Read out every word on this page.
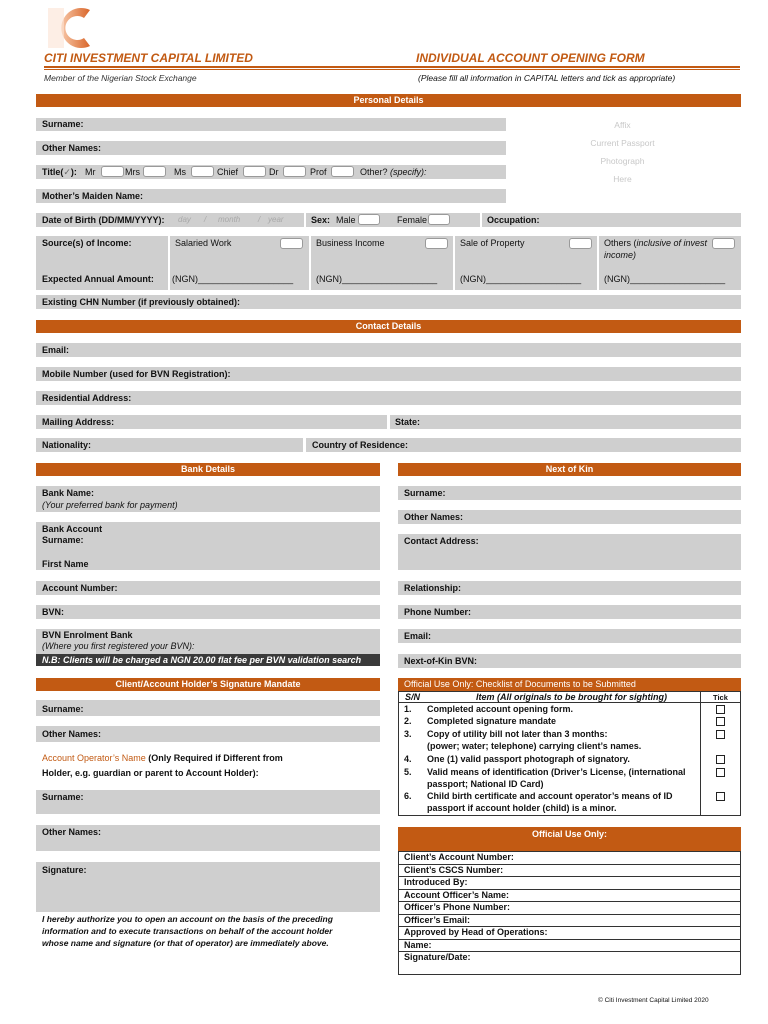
CITI INVESTMENT CAPITAL LIMITED
Member of the Nigerian Stock Exchange
INDIVIDUAL ACCOUNT OPENING FORM
(Please fill all information in CAPITAL letters and tick as appropriate)
Personal Details
Surname:
Other Names:
Title(✓): Mr	Mrs	Ms	Chief	Dr	Prof	Other? (specify):
Mother’s Maiden Name:
Affix
Current Passport
Photograph
Here
Date of Birth (DD/MM/YYYY): day / month / year	Sex: Male	Female	Occupation:
Source(s) of Income:	Salaried Work	Business Income	Sale of Property	Others (inclusive of invest
income)
Expected Annual Amount: (NGN)___________________	(NGN)___________________	(NGN)___________________	(NGN)___________________
Existing CHN Number (if previously obtained):
Contact Details
Email:
Mobile Number (used for BVN Registration):
Residential Address:
Mailing Address:	State:
Nationality:	Country of Residence:
Bank Details
Bank Name:
(Your preferred bank for payment)
Bank Account
Surname:
First Name
Account Number:
BVN:
BVN Enrolment Bank
(Where you first registered your BVN):
N.B: Clients will be charged a NGN 20.00 flat fee per BVN validation search
Next of Kin
Surname:
Other Names:
Contact Address:
Relationship:
Phone Number:
Email:
Next-of-Kin BVN:
Client/Account Holder’s Signature Mandate
Surname:
Other Names:
Account Operator’s Name (Only Required if Different from
Holder, e.g. guardian or parent to Account Holder):
Surname:
Other Names:
Signature:
I hereby authorize you to open an account on the basis of the preceding
information and to execute transactions on behalf of the account holder
whose name and signature (or that of operator) are immediately above.
Official Use Only: Checklist of Documents to be Submitted
S/N	Item (All originals to be brought for sighting)	Tick
1. Completed account opening form.
2. Completed signature mandate
3. Copy of utility bill not later than 3 months:
(power; water; telephone) carrying client’s names.
4. One (1) valid passport photograph of signatory.
5. Valid means of identification (Driver’s License, (international
passport; National ID Card)
6. Child birth certificate and account operator’s means of ID
passport if account holder (child) is a minor.
Official Use Only:
Client’s Account Number:
Client’s CSCS Number:
Introduced By:
Account Officer’s Name:
Officer’s Phone Number:
Officer’s Email:
Approved by Head of Operations:
Name:
Signature/Date:
© Citi Investment Capital Limited 2020
